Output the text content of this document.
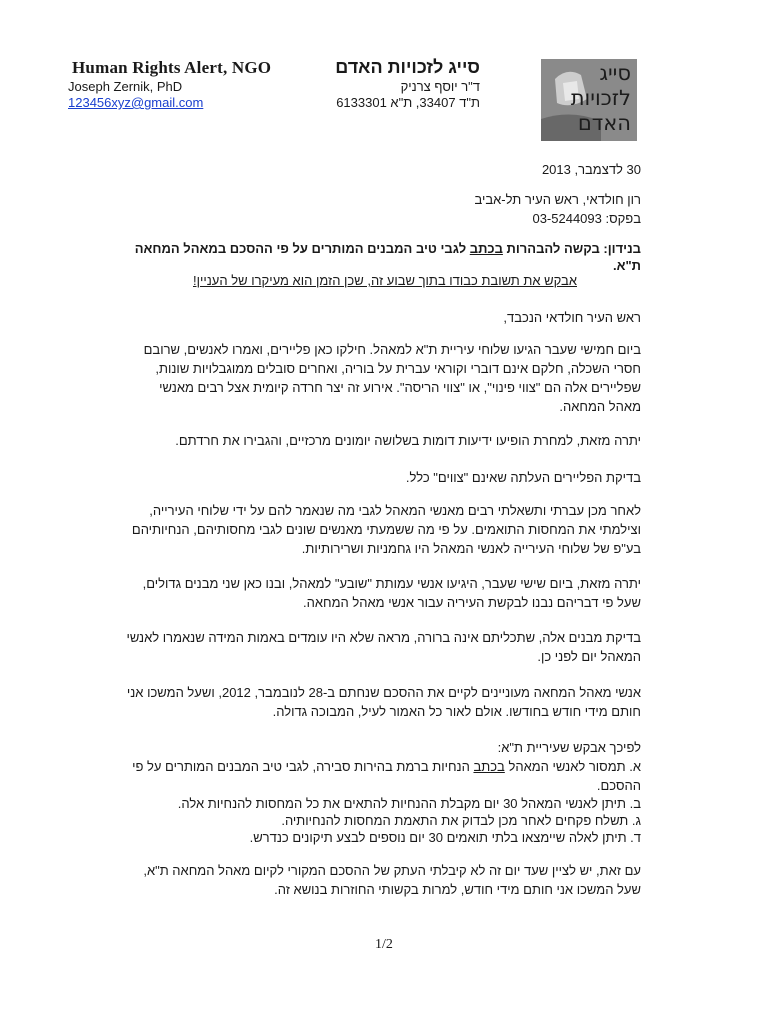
Human Rights Alert, NGO
Joseph Zernik, PhD
123456xyz@gmail.com
סייג לזכויות האדם
ד"ר יוסף צרניק
ת"ד 33407, ת"א 6133301
סייג
לזכויות
האדם
30 לדצמבר, 2013
רון חולדאי, ראש העיר תל-אביב
בפקס: 03-5244093
בנידון: בקשה להבהרות בכתב לגבי טיב המבנים המותרים על פי ההסכם במאהל המחאה
ת"א.
אבקש את תשובת כבודו בתוך שבוע זה, שכן הזמן הוא מעיקרו של העניין!
ראש העיר חולדאי הנכבד,
ביום חמישי שעבר הגיעו שלוחי עיריית ת"א למאהל. חילקו כאן פליירים, ואמרו לאנשים, שרובם חסרי השכלה, חלקם אינם דוברי וקוראי עברית על בוריה, ואחרים סובלים ממוגבלויות שונות, שפליירים אלה הם "צווי פינוי", או "צווי הריסה". אירוע זה יצר חרדה קיומית אצל רבים מאנשי מאהל המחאה.
יתרה מזאת, למחרת הופיעו ידיעות דומות בשלושה יומונים מרכזיים, והגבירו את חרדתם.
בדיקת הפליירים העלתה שאינם "צווים" כלל.
לאחר מכן עברתי ותשאלתי רבים מאנשי המאהל לגבי מה שנאמר להם על ידי שלוחי העירייה, וצילמתי את המחסות התואמים. על פי מה ששמעתי מאנשים שונים לגבי מחסותיהם, הנחיותיהם בע"פ של שלוחי העירייה לאנשי המאהל היו גחמניות ושרירותיות.
יתרה מזאת, ביום שישי שעבר, היגיעו אנשי עמותת "שובע" למאהל, ובנו כאן שני מבנים גדולים, שעל פי דבריהם נבנו לבקשת העיריה עבור אנשי מאהל המחאה.
בדיקת מבנים אלה, שתכליתם אינה ברורה, מראה שלא היו עומדים באמות המידה שנאמרו לאנשי המאהל יום לפני כן.
אנשי מאהל המחאה מעוניינים לקיים את ההסכם שנחתם ב-28 לנובמבר, 2012, ושעל המשכו אני חותם מידי חודש בחודשו. אולם לאור כל האמור לעיל, המבוכה גדולה.
לפיכך אבקש שעיריית ת"א:
א. תמסור לאנשי המאהל בכתב הנחיות ברמת בהירות סבירה, לגבי טיב המבנים המותרים על פי ההסכם.
ב. תיתן לאנשי המאהל 30 יום מקבלת ההנחיות להתאים את כל המחסות להנחיות אלה.
ג. תשלח פקחים לאחר מכן לבדוק את התאמת המחסות להנחיותיה.
ד. תיתן לאלה שיימצאו בלתי תואמים 30 יום נוספים לבצע תיקונים כנדרש.
עם זאת, יש לציין שעד יום זה לא קיבלתי העתק של ההסכם המקורי לקיום מאהל המחאה ת"א, שעל המשכו אני חותם מידי חודש, למרות בקשותי החוזרות בנושא זה.
1/2
